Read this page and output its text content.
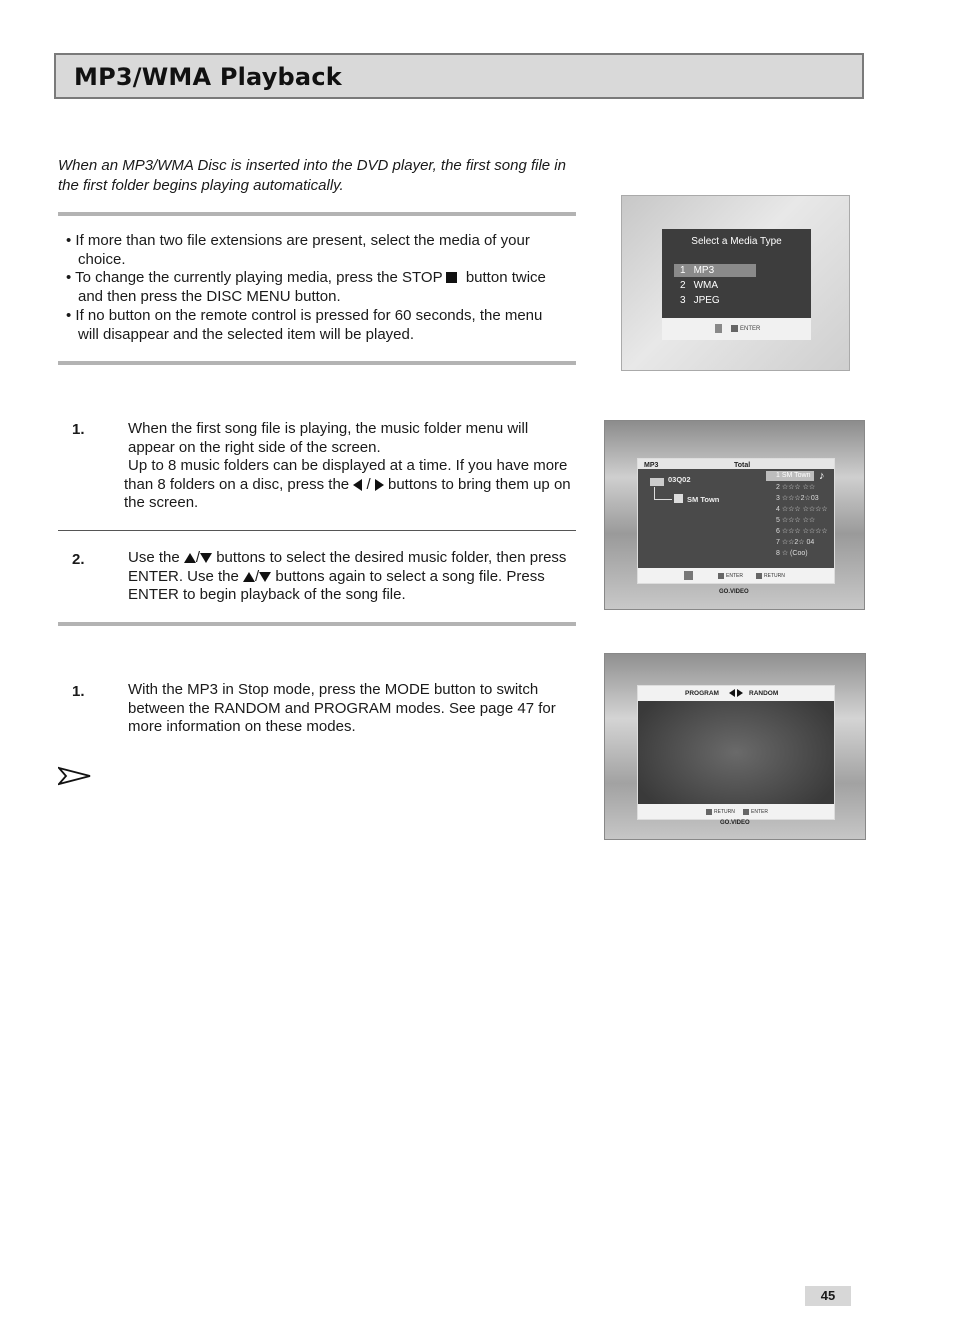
MP3/WMA Playback
When an MP3/WMA Disc is inserted into the DVD player, the first song file in the first folder begins playing automatically.

• If more than two file extensions are present, select the media of your choice.

• To change the currently playing media, press the STOP button twice and then press the DISC MENU button.

• If no button on the remote control is pressed for 60 seconds, the menu will disappear and the selected item will be played.

1.	When the first song file is playing, the music folder menu will appear on the right side of the screen.
Up to 8 music folders can be displayed at a time. If you have more than 8 folders on a disc, press the  /  buttons to bring them up on the screen.
2.	Use the / buttons to select the desired music folder, then press ENTER. Use the / buttons again to select a song file. Press ENTER to begin playback of the song file.
1.	With the MP3 in Stop mode, press the MODE button to switch between the RANDOM and PROGRAM modes. See page 47 for more information on these modes.
Select a Media Type
1 MP3
2 WMA
3 JPEG
ENTER
MP3	Total
03Q02
SM Town
1 SM Town
2 ☆☆☆ ☆☆
3 ☆☆☆2☆03
4 ☆☆☆ ☆☆☆☆
5 ☆☆☆ ☆☆
6 ☆☆☆ ☆☆☆☆
7 ☆☆2☆ 04
8 ☆ (Coo)
♪
ENTER	RETURN
GO.VIDEO
PROGRAM	RANDOM
RETURN	ENTER
GO.VIDEO
45
